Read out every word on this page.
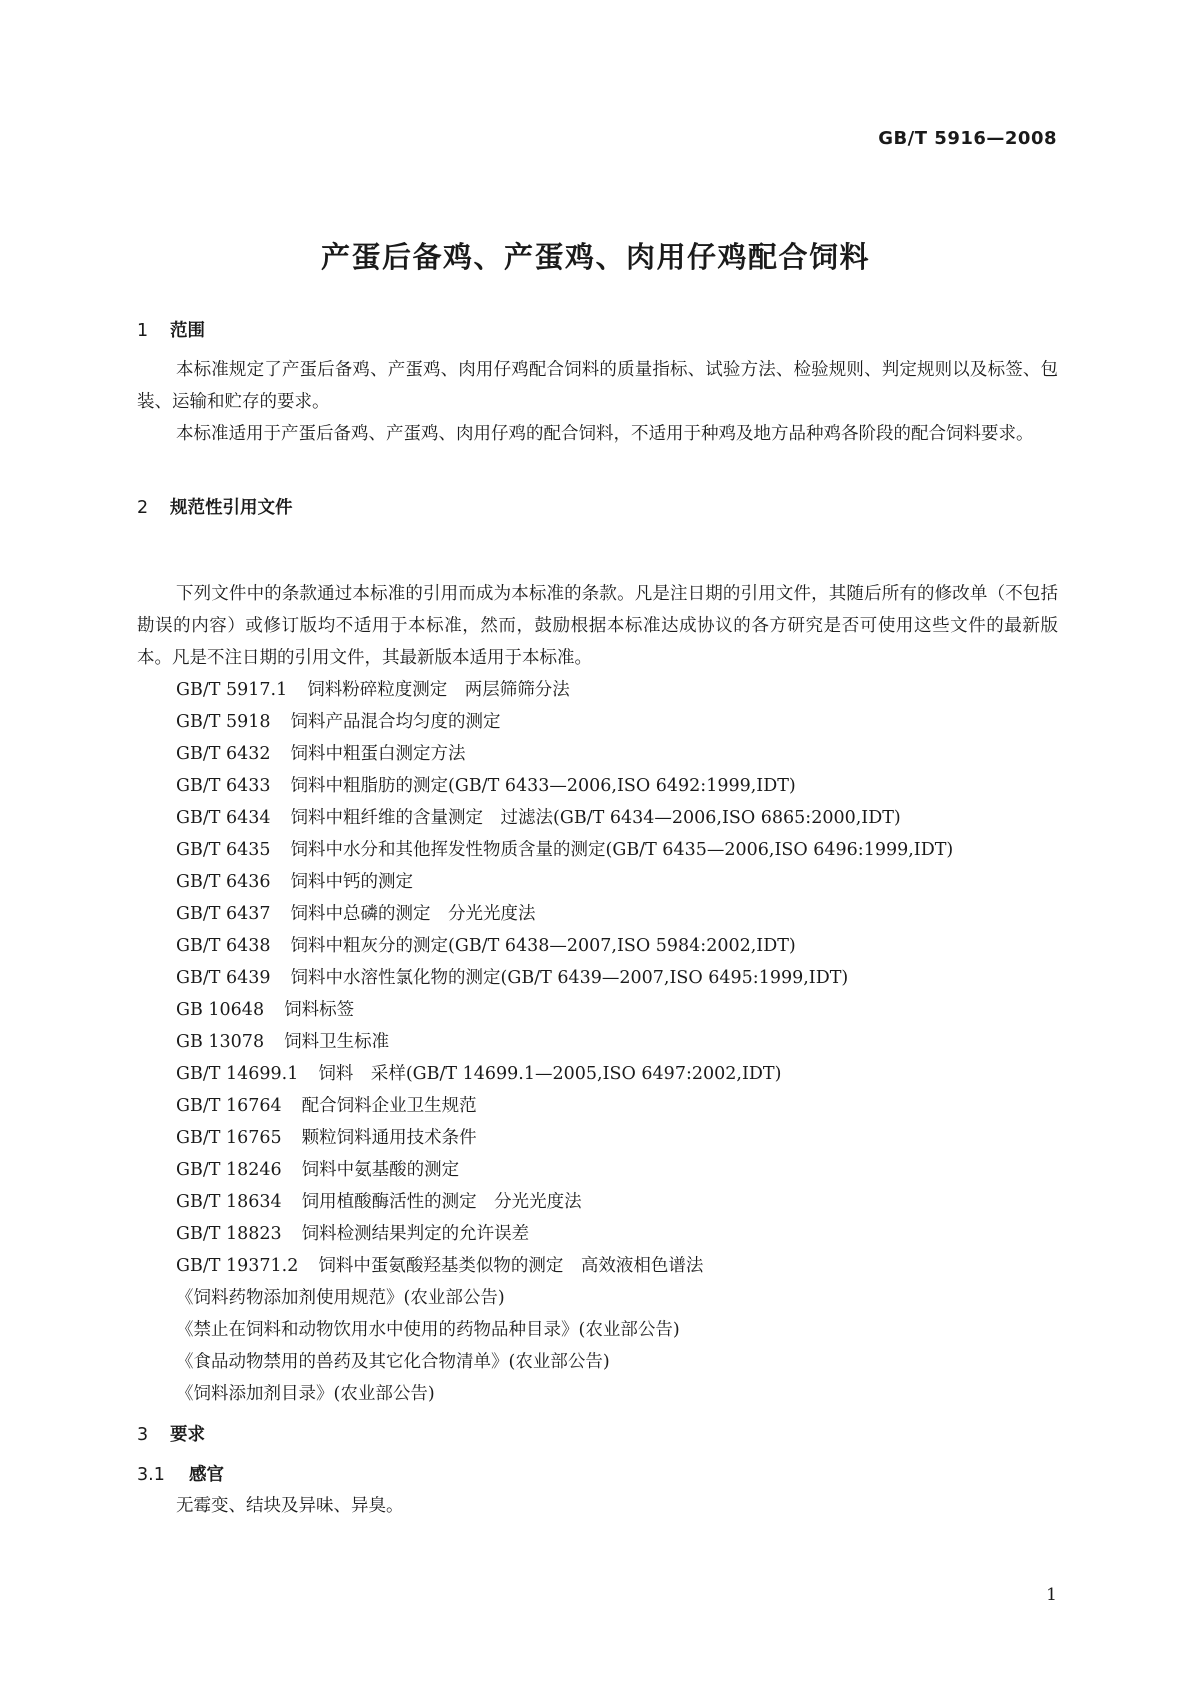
GB/T 5916—2008
产蛋后备鸡、产蛋鸡、肉用仔鸡配合饲料
1 范围
本标准规定了产蛋后备鸡、产蛋鸡、肉用仔鸡配合饲料的质量指标、试验方法、检验规则、判定规则以及标签、包装、运输和贮存的要求。
本标准适用于产蛋后备鸡、产蛋鸡、肉用仔鸡的配合饲料，不适用于种鸡及地方品种鸡各阶段的配合饲料要求。
2 规范性引用文件
下列文件中的条款通过本标准的引用而成为本标准的条款。凡是注日期的引用文件，其随后所有的修改单（不包括勘误的内容）或修订版均不适用于本标准，然而，鼓励根据本标准达成协议的各方研究是否可使用这些文件的最新版本。凡是不注日期的引用文件，其最新版本适用于本标准。
GB/T 5917.1 饲料粉碎粒度测定　两层筛筛分法
GB/T 5918 饲料产品混合均匀度的测定
GB/T 6432 饲料中粗蛋白测定方法
GB/T 6433 饲料中粗脂肪的测定(GB/T 6433—2006,ISO 6492:1999,IDT)
GB/T 6434 饲料中粗纤维的含量测定　过滤法(GB/T 6434—2006,ISO 6865:2000,IDT)
GB/T 6435 饲料中水分和其他挥发性物质含量的测定(GB/T 6435—2006,ISO 6496:1999,IDT)
GB/T 6436 饲料中钙的测定
GB/T 6437 饲料中总磷的测定　分光光度法
GB/T 6438 饲料中粗灰分的测定(GB/T 6438—2007,ISO 5984:2002,IDT)
GB/T 6439 饲料中水溶性氯化物的测定(GB/T 6439—2007,ISO 6495:1999,IDT)
GB 10648 饲料标签
GB 13078 饲料卫生标准
GB/T 14699.1 饲料　采样(GB/T 14699.1—2005,ISO 6497:2002,IDT)
GB/T 16764 配合饲料企业卫生规范
GB/T 16765 颗粒饲料通用技术条件
GB/T 18246 饲料中氨基酸的测定
GB/T 18634 饲用植酸酶活性的测定　分光光度法
GB/T 18823 饲料检测结果判定的允许误差
GB/T 19371.2 饲料中蛋氨酸羟基类似物的测定　高效液相色谱法
《饲料药物添加剂使用规范》(农业部公告)
《禁止在饲料和动物饮用水中使用的药物品种目录》(农业部公告)
《食品动物禁用的兽药及其它化合物清单》(农业部公告)
《饲料添加剂目录》(农业部公告)
3 要求
3.1 感官
无霉变、结块及异味、异臭。
1
